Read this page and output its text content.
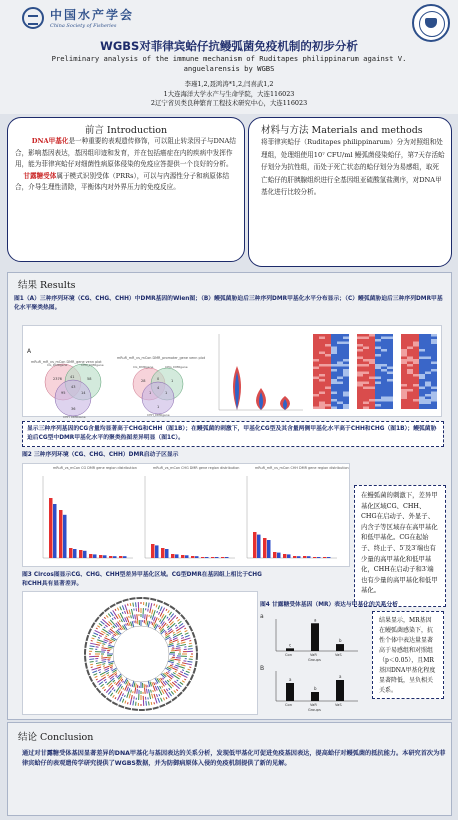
中国水产学会
China Society of Fisheries
WGBS对菲律宾蛤仔抗鳗弧菌免疫机制的初步分析
Preliminary analysis of the immune mechanism of Ruditapes philippinarum against V. anguelarensis by WGBS
李瑾1,2,聂鸿涛*1,2,闫喜武1,2
1大连海洋大学水产与生命学院，大连116023
2辽宁省贝类良种繁育工程技术研究中心，大连116023
前言 Introduction

DNA甲基化是一种重要的表观遗传修饰，可以阻止转录因子与DNA结合，影响基因表达，基因组印迹和发育，并在包括癌症在内的疾病中发挥作用，能为菲律宾蛤仔对细菌性病原体侵染的免疫应答提供一个良好的分析。

甘露糖受体属于模式识别受体（PRRs），可以与内源性分子和病原体结合，介导生理性清除，平衡体内对外界压力的免疫反应。

材料与方法 Materials and methods

将菲律宾蛤仔（Ruditapes philippinarum）分为对照组和处理组，处理组使用10⁷ CFU/ml 鳗弧菌侵染蛤仔，第7天存活蛤仔划分为抗性组，而处于死亡状态的蛤仔划分为易感组，取死亡蛤仔的肝胰腺组织进行全基因组亚硫酸氢盐测序，对DNA甲基化进行比较分析。

结果 Results
图1（A）三种序列环境（CG、CHG、CHH）中DMR基因的Wien图；（B）鳗弧菌胁迫后三种序列DMR甲基化水平分布显示；（C）鳗弧菌胁迫后三种序列DMR甲基化水平聚类热图。
A
mRuR_mR_vs_mCon DMR_gene venn plot
mRuR_mR_vs_mCon DMR_promoter_gene venn plot
2376	58
36
41
95	14
43
CG_DMRgene	CHG_DMRgene
CHH_DMRgene
28	1
1
0
1	1
4
CG_DMRgene	CHG_DMRgene
CHH_DMRgene
显示三种序列基因的CG含量均显著高于CHG和CHH（图1B）；在鳗弧菌的刺激下，甲基化CG型及其含量两侧甲基化水平高于CHH和CHG（图1B）；鳗弧菌胁迫后CG型中DMR甲基化水平的聚类热图差异明显（图1C）。
图2 三种序列环境（CG、CHG、CHH）DMR启动子区显示
mRuR_vs_mCon CG DMR gene region distribution	mRuR_vs_mCon CHG DMR gene region distribution	mRuR_mR_vs_mCon CHH DMR gene region distribution
在鳗弧菌的刺激下，差异甲基化区域CG、CHH、CHG在启动子、外显子、内含子等区域存在高甲基化和低甲基化。CG在起始子、终止子、5′及3′端也有少量的高甲基化和低甲基化，CHH在启动子和3′端也有少量的高甲基化和低甲基化。
图3 Circos图显示CG、CHG、CHH型差异甲基化区域。CG型DMR在基因组上相比于CHG和CHH具有显著差异。
图4 甘露糖受体基因（MR）表达与甲基化的关系分析
a
B
c
Con
a
VaR
b
VaS
Groups
a
Con
b
VaR
a
VaS
Groups
结果显示，MR基因在鳗弧菌感染下，抗性个体中表达量显著高于易感组和对照组（p＜0.05），且MR基因DNA甲基化程度显著降低，呈负相关关系。
结论 Conclusion
通过对甘露糖受体基因显著差异的DNA甲基化与基因表达的关系分析，发现低甲基化可促进免疫基因表达，提高蛤仔对鳗弧菌的抵抗能力。本研究首次为菲律宾蛤仔的表观遗传学研究提供了WGBS数据，并为防御病原体入侵的免疫机制提供了新的见解。
